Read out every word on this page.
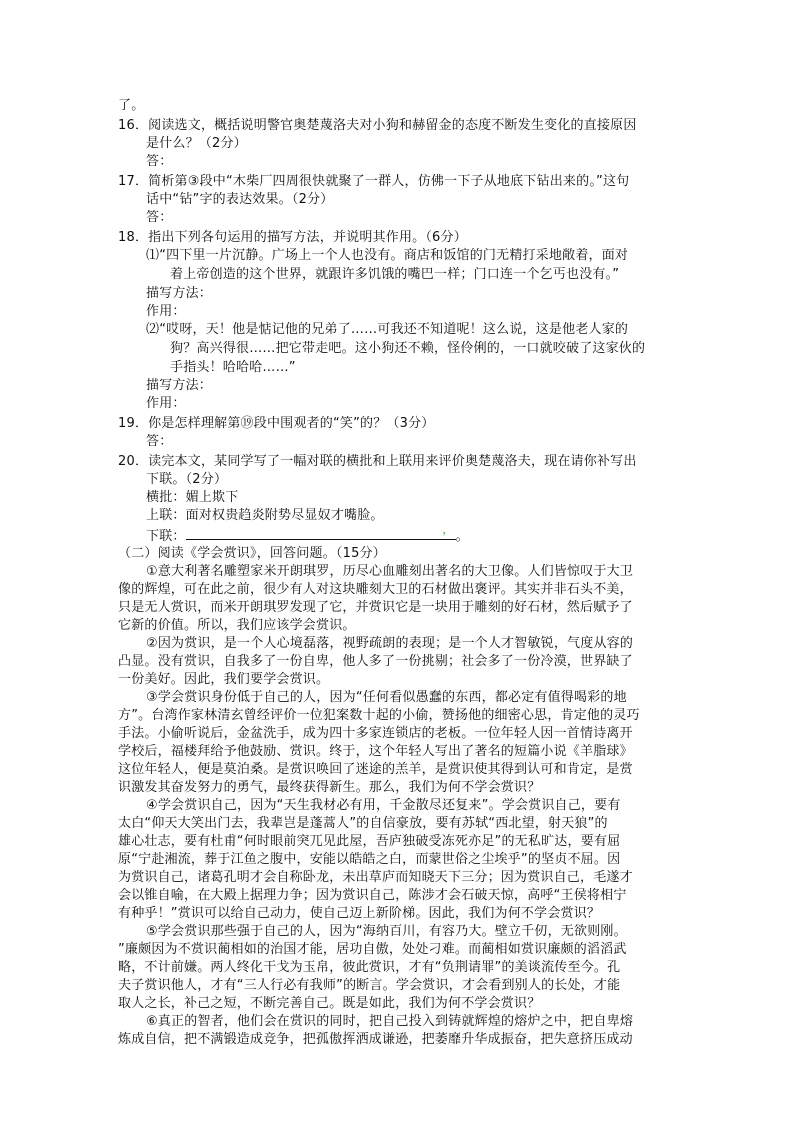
了。
16．阅读选文，概括说明警官奥楚蔑洛夫对小狗和赫留金的态度不断发生变化的直接原因
是什么？（2分）
答：
17．简析第③段中“木柴厂四周很快就聚了一群人，仿佛一下子从地底下钻出来的。”这句
话中“钻”字的表达效果。（2分）
答：
18．指出下列各句运用的描写方法，并说明其作用。（6分）
⑴“四下里一片沉静。广场上一个人也没有。商店和饭馆的门无精打采地敞着，面对
着上帝创造的这个世界，就跟许多饥饿的嘴巴一样；门口连一个乞丐也没有。”
描写方法：
作用：
⑵“哎呀，天！他是惦记他的兄弟了……可我还不知道呢！这么说，这是他老人家的
狗？高兴得很……把它带走吧。这小狗还不赖，怪伶俐的，一口就咬破了这家伙的
手指头！哈哈哈……”
描写方法：
作用：
19．你是怎样理解第⑲段中围观者的“笑”的？（3分）
答：
20．读完本文，某同学写了一幅对联的横批和上联用来评价奥楚蔑洛夫，现在请你补写出
下联。（2分）
横批：媚上欺下
上联：面对权贵趋炎附势尽显奴才嘴脸。
下联：	， 。
（二）阅读《学会赏识》，回答问题。（15分）
①意大利著名雕塑家米开朗琪罗，历尽心血雕刻出著名的大卫像。人们皆惊叹于大卫
像的辉煌，可在此之前，很少有人对这块雕刻大卫的石材做出褒评。其实并非石头不美，
只是无人赏识，而米开朗琪罗发现了它，并赏识它是一块用于雕刻的好石材，然后赋予了
它新的价值。所以，我们应该学会赏识。
②因为赏识，是一个人心境磊落，视野疏朗的表现；是一个人才智敏锐，气度从容的
凸显。没有赏识，自我多了一份自卑，他人多了一份挑剔；社会多了一份冷漠，世界缺了
一份美好。因此，我们要学会赏识。
③学会赏识身份低于自己的人，因为“任何看似愚蠢的东西，都必定有值得喝彩的地
方”。台湾作家林清玄曾经评价一位犯案数十起的小偷，赞扬他的细密心思，肯定他的灵巧
手法。小偷听说后，金盆洗手，成为四十多家连锁店的老板。一位年轻人因一首情诗离开
学校后，福楼拜给予他鼓励、赏识。终于，这个年轻人写出了著名的短篇小说《羊脂球》
这位年轻人，便是莫泊桑。是赏识唤回了迷途的羔羊，是赏识使其得到认可和肯定，是赏
识激发其奋发努力的勇气，最终获得新生。那么，我们为何不学会赏识？
④学会赏识自己，因为“天生我材必有用，千金散尽还复来”。学会赏识自己，要有
太白“仰天大笑出门去，我辈岂是蓬蒿人”的自信豪放，要有苏轼“西北望，射天狼”的
雄心壮志，要有杜甫“何时眼前突兀见此屋，吾庐独破受冻死亦足”的无私旷达，要有屈
原“宁赴湘流，葬于江鱼之腹中，安能以皓皓之白，而蒙世俗之尘埃乎”的坚贞不屈。因
为赏识自己，诸葛孔明才会自称卧龙，未出草庐而知晓天下三分；因为赏识自己，毛遂才
会以锥自喻，在大殿上据理力争；因为赏识自己，陈涉才会石破天惊，高呼“王侯将相宁
有种乎！”赏识可以给自己动力，使自己迈上新阶梯。因此，我们为何不学会赏识？
⑤学会赏识那些强于自己的人，因为“海纳百川，有容乃大。壁立千仞，无欲则刚。
”廉颇因为不赏识蔺相如的治国才能，居功自傲，处处刁难。而蔺相如赏识廉颇的滔滔武
略，不计前嫌。两人终化干戈为玉帛，彼此赏识，才有“负荆请罪”的美谈流传至今。孔
夫子赏识他人，才有“三人行必有我师”的断言。学会赏识，才会看到别人的长处，才能
取人之长，补己之短，不断完善自己。既是如此，我们为何不学会赏识？
⑥真正的智者，他们会在赏识的同时，把自己投入到铸就辉煌的熔炉之中，把自卑熔
炼成自信，把不满锻造成竞争，把孤傲挥洒成谦逊，把萎靡升华成振奋，把失意挤压成动
